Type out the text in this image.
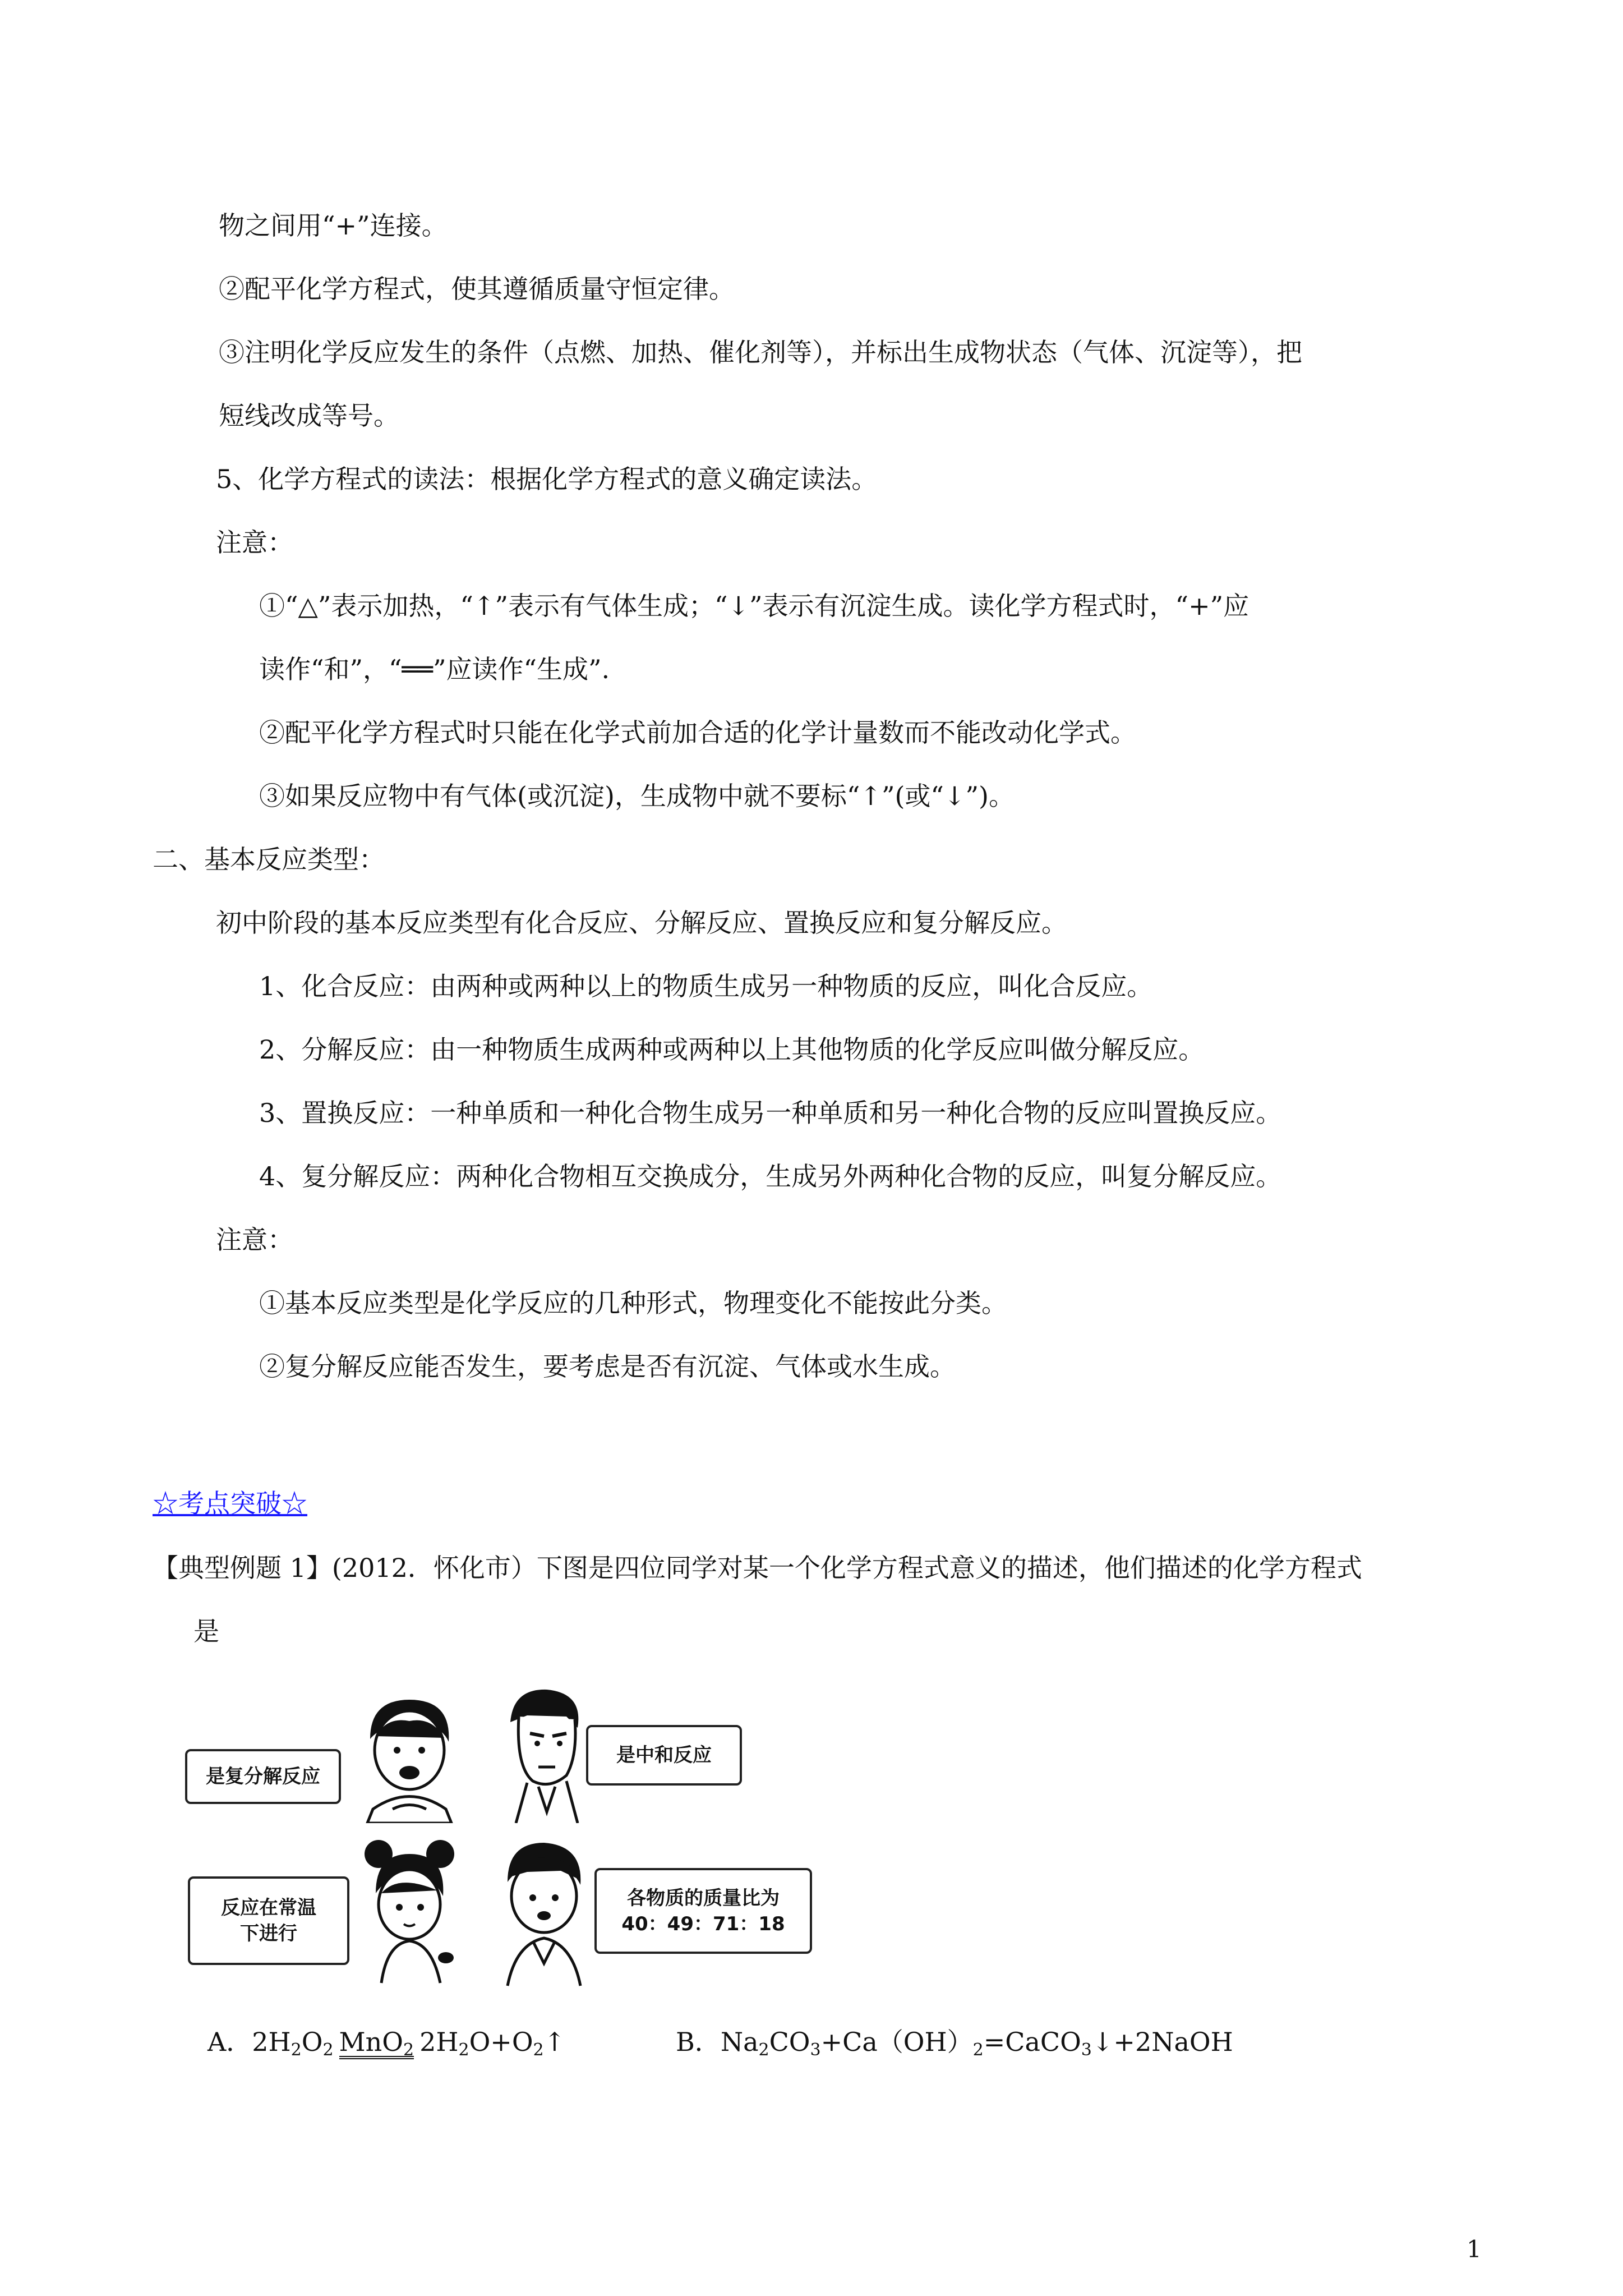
物之间用“+”连接。
②配平化学方程式，使其遵循质量守恒定律。
③注明化学反应发生的条件（点燃、加热、催化剂等），并标出生成物状态（气体、沉淀等），把
短线改成等号。
5、化学方程式的读法：根据化学方程式的意义确定读法。
注意：
①“△”表示加热，“↑”表示有气体生成；“↓”表示有沉淀生成。读化学方程式时，“+”应
读作“和”，“══”应读作“生成”.
②配平化学方程式时只能在化学式前加合适的化学计量数而不能改动化学式。
③如果反应物中有气体(或沉淀)，生成物中就不要标“↑”(或“↓”)。
二、基本反应类型：
初中阶段的基本反应类型有化合反应、分解反应、置换反应和复分解反应。
1、化合反应：由两种或两种以上的物质生成另一种物质的反应，叫化合反应。
2、分解反应：由一种物质生成两种或两种以上其他物质的化学反应叫做分解反应。
3、置换反应：一种单质和一种化合物生成另一种单质和另一种化合物的反应叫置换反应。
4、复分解反应：两种化合物相互交换成分，生成另外两种化合物的反应，叫复分解反应。
注意：
①基本反应类型是化学反应的几种形式，物理变化不能按此分类。
②复分解反应能否发生，要考虑是否有沉淀、气体或水生成。
☆考点突破☆
【典型例题 1】(2012．怀化市）下图是四位同学对某一个化学方程式意义的描述，他们描述的化学方程式
是
是复分解反应
是中和反应
反应在常温
下进行
各物质的质量比为
40：49：71：18
A．$2H_2O_2$ MnO$_2$ $2H_2O+O_2↑$	B．$Na_2CO_3+Ca(OH)_2=CaCO_3↓+2NaOH$
1
